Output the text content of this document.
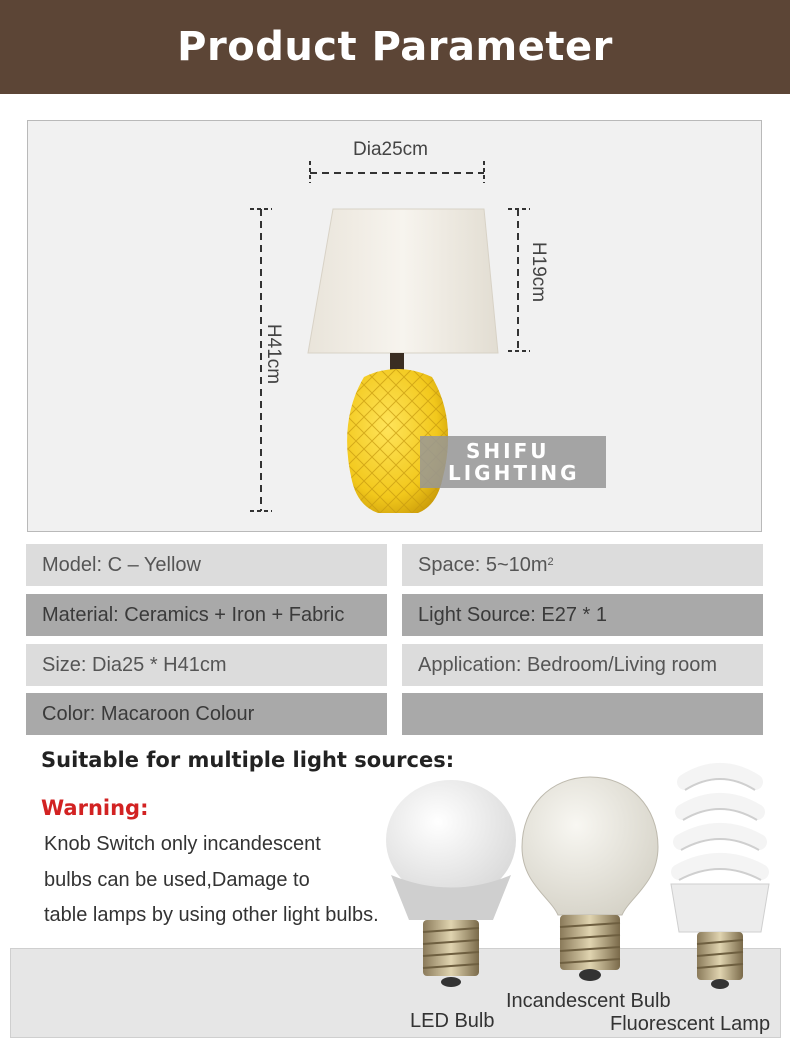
Product Parameter
Dia25cm
H41cm
H19cm
SHIFU
LIGHTING
Model: C – Yellow
Material: Ceramics + Iron + Fabric
Size: Dia25 * H41cm
Color: Macaroon Colour
Space: $5\sim 10m^2$
Light Source: E27 * 1
Application: Bedroom/Living room
Suitable for multiple light sources:
Warning:
Knob Switch only incandescent
bulbs can be used,Damage to
table lamps by using other light bulbs.
LED Bulb
Incandescent Bulb
Fluorescent Lamp
